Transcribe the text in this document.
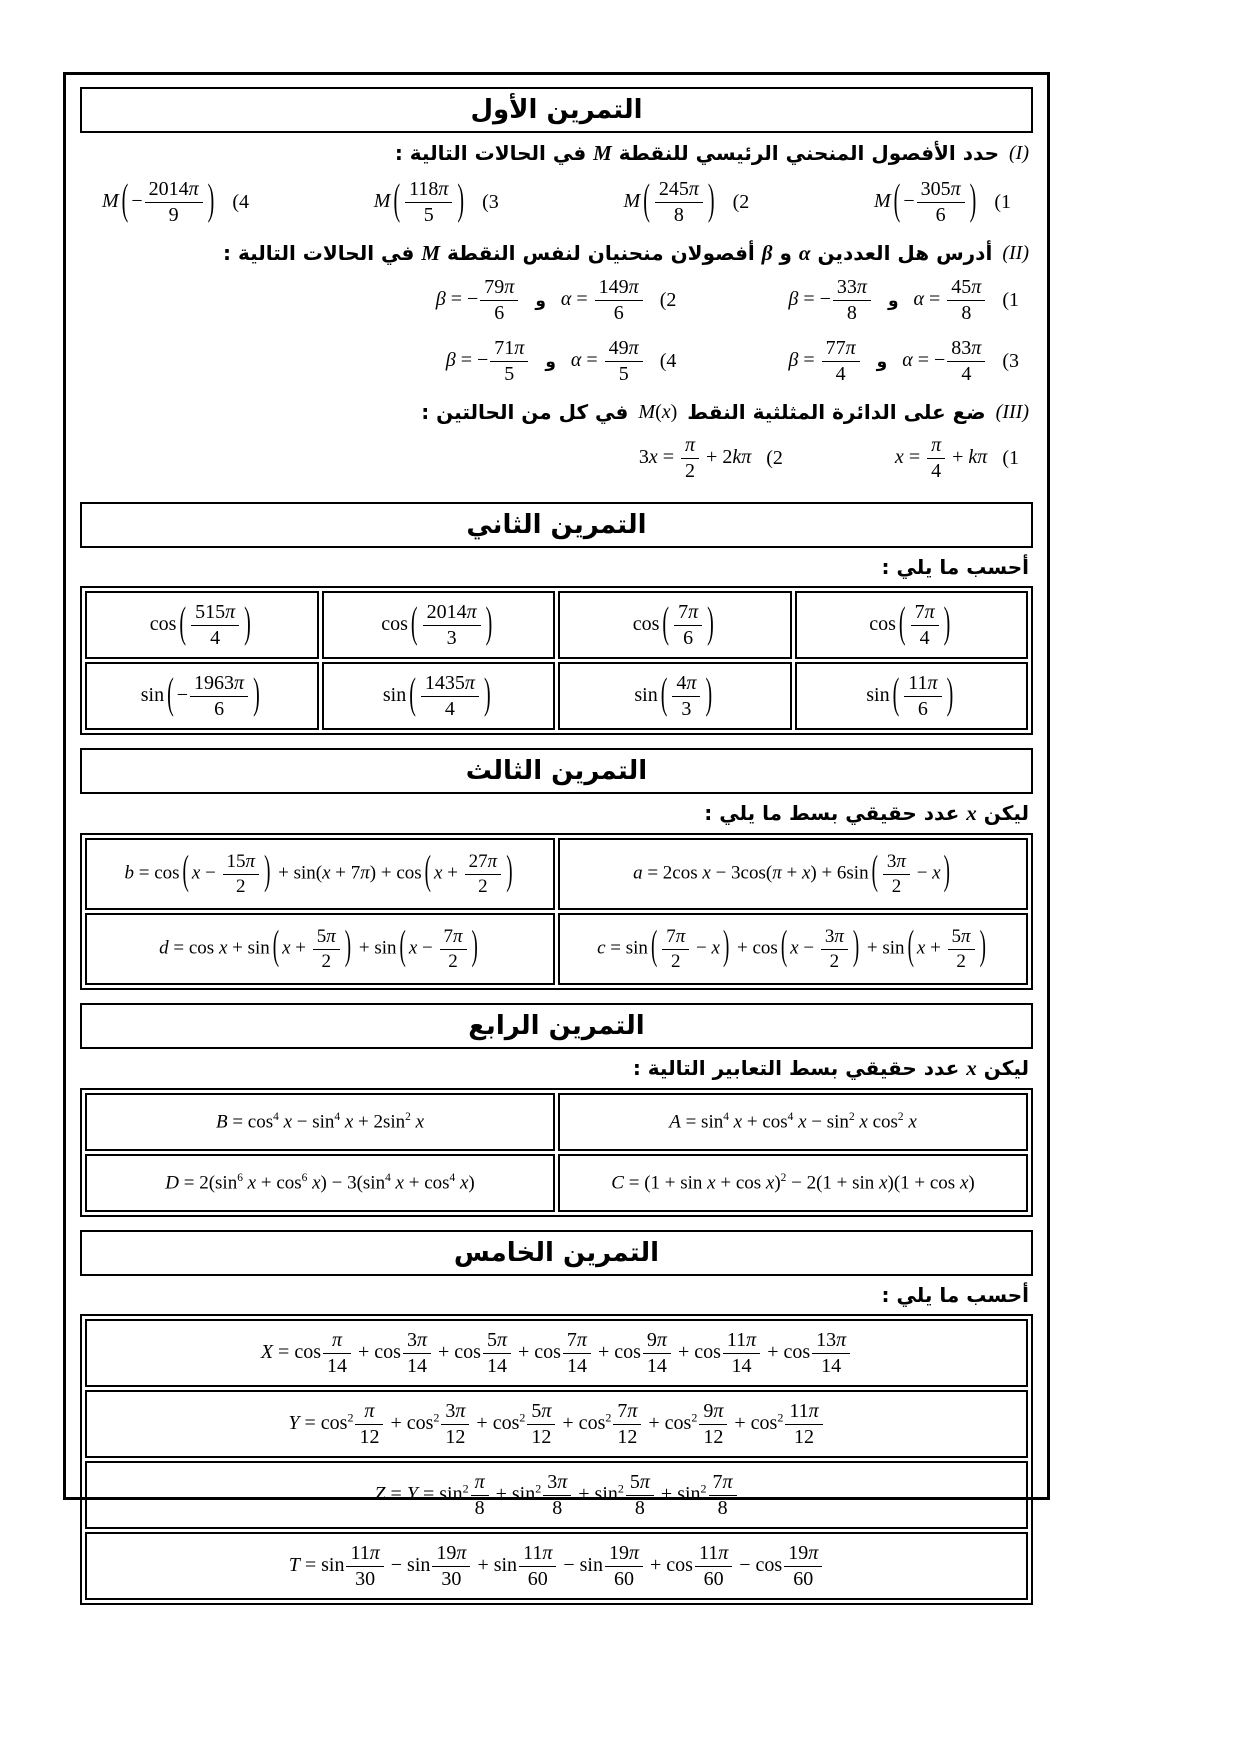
التمرين الأول
(I)
حدد الأفصول المنحني الرئيسي للنقطة M في الحالات التالية :
(1
M ( − $\frac{305\pi}{6}$ )
(2
M ( $\frac{245\pi}{8}$ )
(3
M ( $\frac{118\pi}{5}$ )
(4
M ( − $\frac{2014\pi}{9}$ )
(II)
أدرس هل العددين α و β أفصولان منحنيان لنفس النقطة M في الحالات التالية :
(1
$\alpha = \frac{45\pi}{8}$
و
β = − $\frac{33\pi}{8}$
(2
$\alpha = \frac{149\pi}{6}$
و
β = − $\frac{79\pi}{6}$
(3
α = − $\frac{83\pi}{4}$
و
$\beta = \frac{77\pi}{4}$
(4
$\alpha = \frac{49\pi}{5}$
و
β = − $\frac{71\pi}{5}$
(III)
ضع على الدائرة المثلثية النقط
M(x)
في كل من الحالتين :
(1
$x = \frac{\pi}{4} + k\pi$
(2
$3x = \frac{\pi}{2} + 2k\pi$
التمرين الثاني
أحسب ما يلي :
cos ( $\frac{7\pi}{4}$ )	cos ( $\frac{7\pi}{6}$ )	cos ( $\frac{2014\pi}{3}$ )	cos ( $\frac{515\pi}{4}$ )
sin ( $\frac{11\pi}{6}$ )	sin ( $\frac{4\pi}{3}$ )	sin ( $\frac{1435\pi}{4}$ )	sin ( − $\frac{1963\pi}{6}$ )
التمرين الثالث
ليكن x عدد حقيقي بسط ما يلي :
a = 2cos x − 3cos(π + x) + 6sin ( $\frac{3\pi}{2} - x$ )
b = cos ( $x - \frac{15\pi}{2}$ ) + sin(x + 7π) + cos ( $x + \frac{27\pi}{2}$ )
c = sin ( $\frac{7\pi}{2} - x$ ) + cos ( $x - \frac{3\pi}{2}$ ) + sin ( $x + \frac{5\pi}{2}$ )
d = cos x + sin ( $x + \frac{5\pi}{2}$ ) + sin ( $x - \frac{7\pi}{2}$ )
التمرين الرابع
ليكن x عدد حقيقي بسط التعابير التالية :
$A = \sin^4 x + \cos^4 x - \sin^2 x$ $\cos^2 x$
$B = \cos^4 x - \sin^4 x + 2\sin^2$ x
$C = (1 + \sin x + \cos x)^2 - 2(1 + \sin x)(1 + \cos x)$
$D = 2(\sin^6$ $x + \cos^6 x) - 3(\sin^4$ $x + \cos^4 x$)
التمرين الخامس
أحسب ما يلي :
$X = \cos \frac{\pi}{14} + \cos \frac{3\pi}{14} + \cos \frac{5\pi}{14} + \cos \frac{7\pi}{14} + \cos \frac{9\pi}{14} + \cos \frac{11\pi}{14} + \cos \frac{13\pi}{14}$
$Y = \cos^2 \frac{\pi}{12} + \cos^2 \frac{3\pi}{12} + \cos^2 \frac{5\pi}{12} + \cos^2 \frac{7\pi}{12} + \cos^2 \frac{9\pi}{12} + \cos^2 \frac{11\pi}{12}$
$Z = Y = \sin^2 \frac{\pi}{8} + \sin^2 \frac{3\pi}{8} + \sin^2 \frac{5\pi}{8} + \sin^2 \frac{7\pi}{8}$
$T = \sin \frac{11\pi}{30} - \sin \frac{19\pi}{30} + \sin \frac{11\pi}{60} - \sin \frac{19\pi}{60} + \cos \frac{11\pi}{60} - \cos \frac{19\pi}{60}$
